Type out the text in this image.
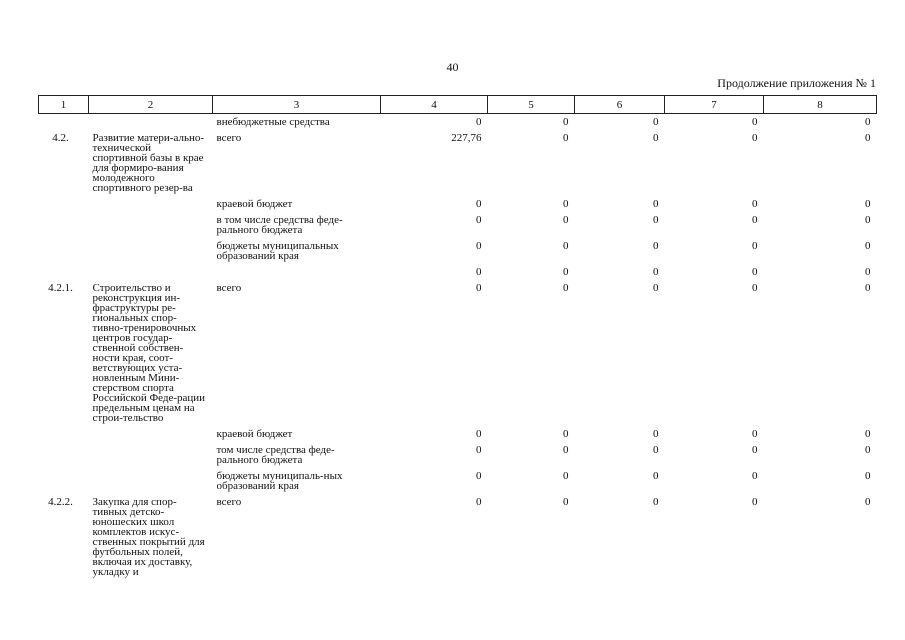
40
Продолжение приложения № 1
1	2	3	4	5	6	7	8
		внебюджетные средства	0	0	0	0	0
4.2.	Развитие матери-ально-технической спортивной базы в крае для формиро-вания молодежного спортивного резер-ва	всего	227,76	0	0	0	0
		краевой бюджет	0	0	0	0	0
		в том числе средства феде-рального бюджета	0	0	0	0	0
		бюджеты муниципальных образований края	0	0	0	0	0
			0	0	0	0	0
4.2.1.	Строительство и реконструкция ин-фраструктуры ре-гиональных спор-тивно-тренировочных центров государ-ственной собствен-ности края, соот-ветствующих уста-новленным Мини-стерством спорта Российской Феде-рации предельным ценам на строи-тельство	всего	0	0	0	0	0
		краевой бюджет	0	0	0	0	0
		том числе средства феде-рального бюджета	0	0	0	0	0
		бюджеты муниципаль-ных образований края	0	0	0	0	0
4.2.2.	Закупка для спор-тивных детско-юношеских школ комплектов искус-ственных покрытий для футбольных полей, включая их доставку, укладку и	всего	0	0	0	0	0
